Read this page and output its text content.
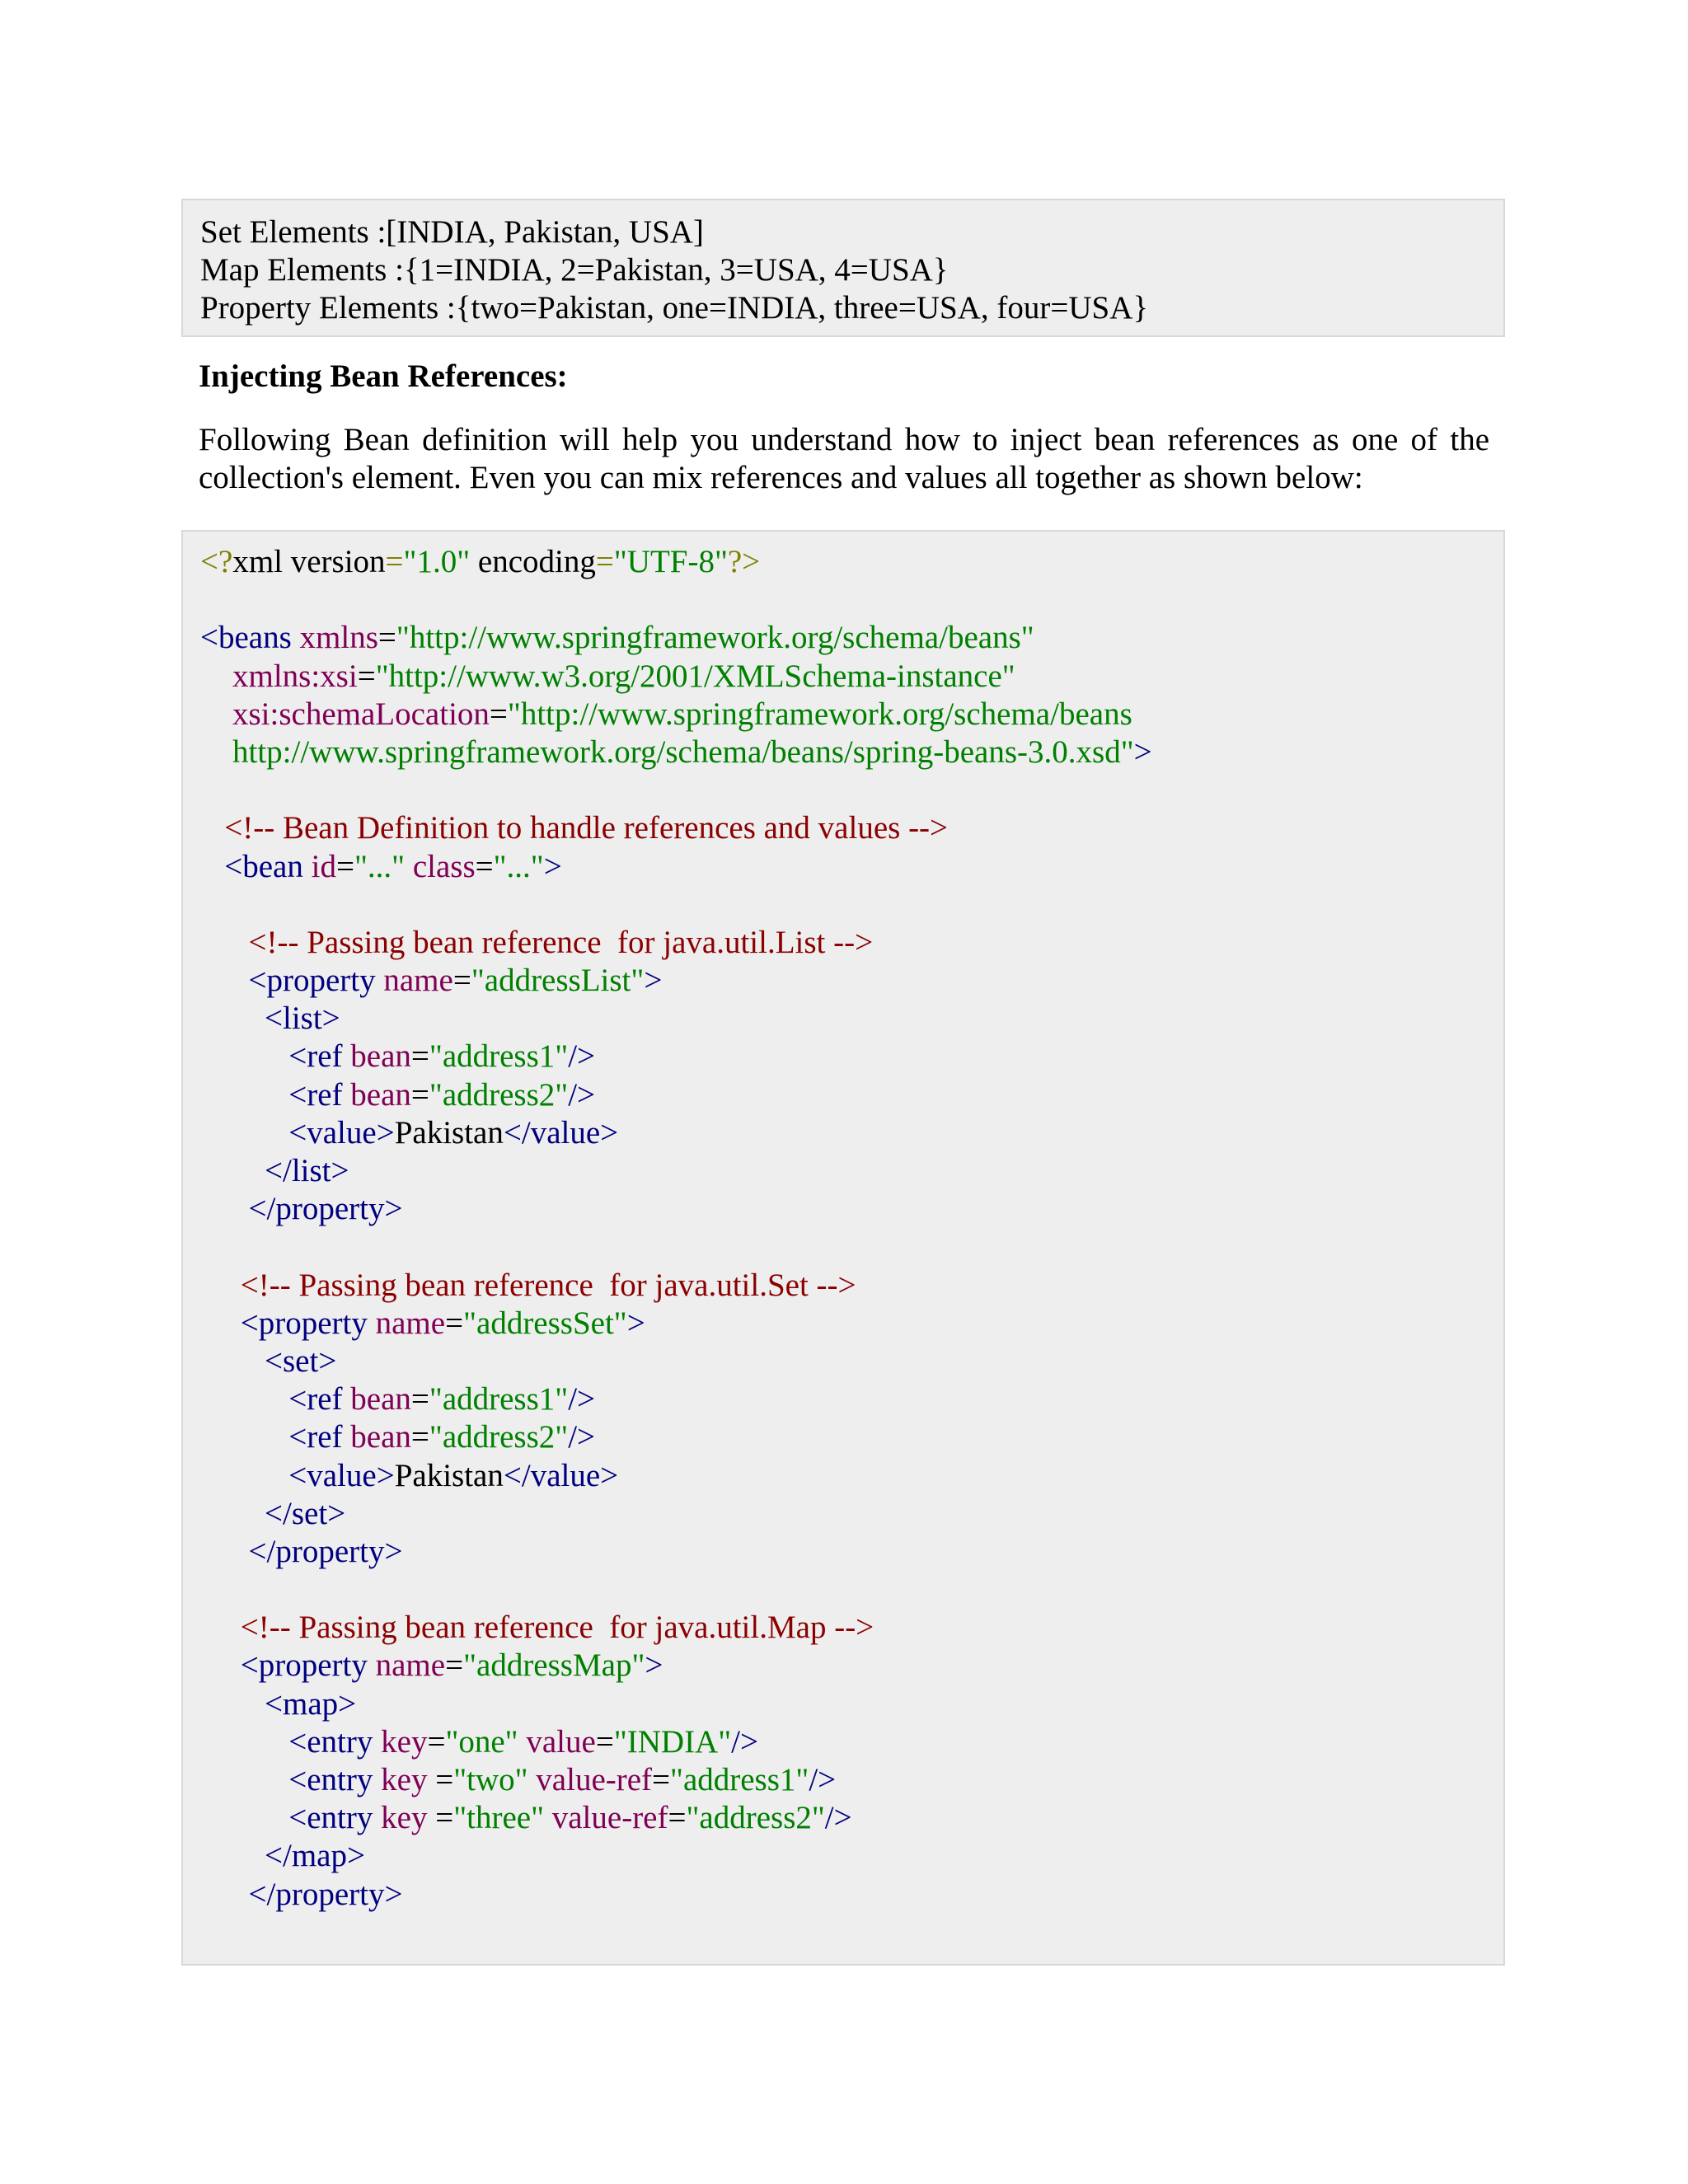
Set Elements :[INDIA, Pakistan, USA]
Map Elements :{1=INDIA, 2=Pakistan, 3=USA, 4=USA}
Property Elements :{two=Pakistan, one=INDIA, three=USA, four=USA}
Injecting Bean References:
Following Bean definition will help you understand how to inject bean references as one of the collection's element. Even you can mix references and values all together as shown below:
<?xml version="1.0" encoding="UTF-8"?>
<beans xmlns="http://www.springframework.org/schema/beans"
xmlns:xsi="http://www.w3.org/2001/XMLSchema-instance"
xsi:schemaLocation="http://www.springframework.org/schema/beans
http://www.springframework.org/schema/beans/spring-beans-3.0.xsd">
<!-- Bean Definition to handle references and values -->
<bean id="..." class="...">
<!-- Passing bean reference  for java.util.List -->
<property name="addressList">
<list>
<ref bean="address1"/>
<ref bean="address2"/>
<value>Pakistan</value>
</list>
</property>
<!-- Passing bean reference  for java.util.Set -->
<property name="addressSet">
<set>
<ref bean="address1"/>
<ref bean="address2"/>
<value>Pakistan</value>
</set>
</property>
<!-- Passing bean reference  for java.util.Map -->
<property name="addressMap">
<map>
<entry key="one" value="INDIA"/>
<entry key ="two" value-ref="address1"/>
<entry key ="three" value-ref="address2"/>
</map>
</property>
